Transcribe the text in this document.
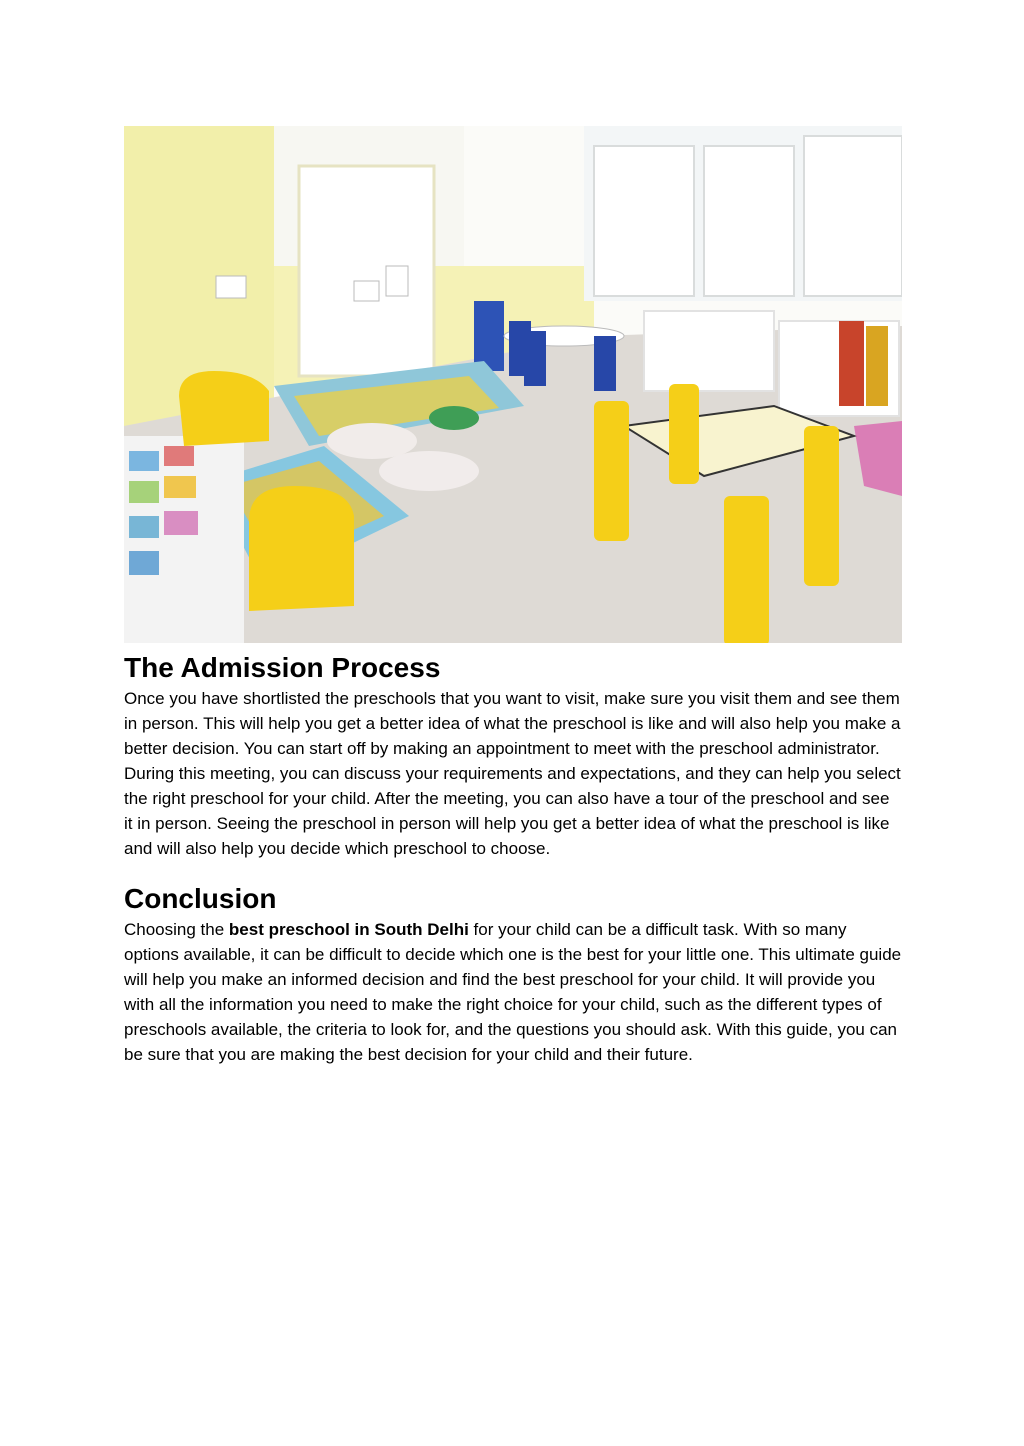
The Admission Process

Once you have shortlisted the preschools that you want to visit, make sure you visit them and see them in person. This will help you get a better idea of what the preschool is like and will also help you make a better decision. You can start off by making an appointment to meet with the preschool administrator. During this meeting, you can discuss your requirements and expectations, and they can help you select the right preschool for your child. After the meeting, you can also have a tour of the preschool and see it in person. Seeing the preschool in person will help you get a better idea of what the preschool is like and will also help you decide which preschool to choose.

Conclusion

Choosing the best preschool in South Delhi for your child can be a difficult task. With so many options available, it can be difficult to decide which one is the best for your little one. This ultimate guide will help you make an informed decision and find the best preschool for your child. It will provide you with all the information you need to make the right choice for your child, such as the different types of preschools available, the criteria to look for, and the questions you should ask. With this guide, you can be sure that you are making the best decision for your child and their future.
